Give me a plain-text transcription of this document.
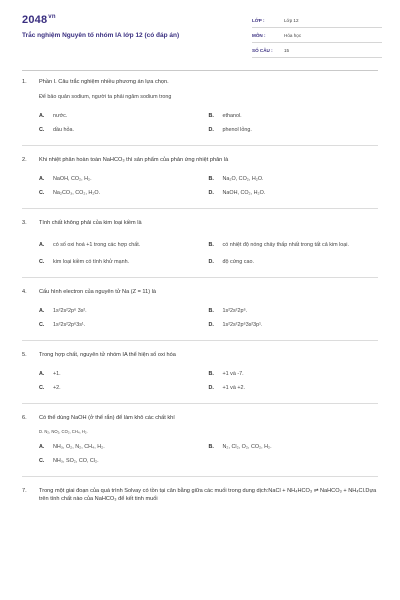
$2048^{vn}$
Trắc nghiệm Nguyên tố nhóm IA lớp 12 (có đáp án)
LỚP :	Lớp 12
MÔN :	Hóa học
SỐ CÂU : 15
1. Phần I. Câu trắc nghiệm nhiều phương án lựa chọn.
Để bảo quản sodium, người ta phải ngâm sodium trong
A.	nước.	B.	ethanol.
C.	dầu hỏa.	D.	phenol lỏng.
2. Khi nhiệt phân hoàn toàn NaHCO₃ thì sản phẩm của phản ứng nhiệt phân là
A.	NaOH, CO₂, H₂.	B.	Na₂O, CO₂, H₂O.
C.	Na₂CO₃, CO₂, H₂O.	D.	NaOH, CO₂, H₂O.
3. Tính chất không phải của kim loại kiềm là
A.	có số oxi hoá +1 trong các hợp chất.	B.	có nhiệt độ nóng chảy thấp nhất trong tất cả kim loại.
C.	kim loại kiềm có tính khử mạnh.	D.	độ cứng cao.
4. Cấu hình electron của nguyên tử Na (Z = 11) là
A.	1s²2s²2p⁶ 3s².	B.	1s²2s²2p⁶.
C.	1s²2s²2p⁶3s¹.	D.	1s²2s²2p⁶3s²3p¹.
5. Trong hợp chất, nguyên tử nhóm IA thể hiện số oxi hóa
A.	+1.	B.	+1 và -7.
C.	+2.	D.	+1 và +2.
6. Có thể dùng NaOH (ở thể rắn) để làm khô các chất khí
D. N₂, NO₂, CO₂, CH₄, H₂.
A.	NH₃, O₂, N₂, CH₄, H₂.	B.	N₂, Cl₂, O₂, CO₂, H₂.
C.	NH₃, SO₂, CO, Cl₂.
7. Trong một giai đoạn của quá trình Solvay có tồn tại cân bằng giữa các muối trong dung dịch:NaCl + NH₄HCO₃ ⇌ NaHCO₃ + NH₄Cl.Dựa trên tính chất nào của NaHCO₃ để kết tinh muối
